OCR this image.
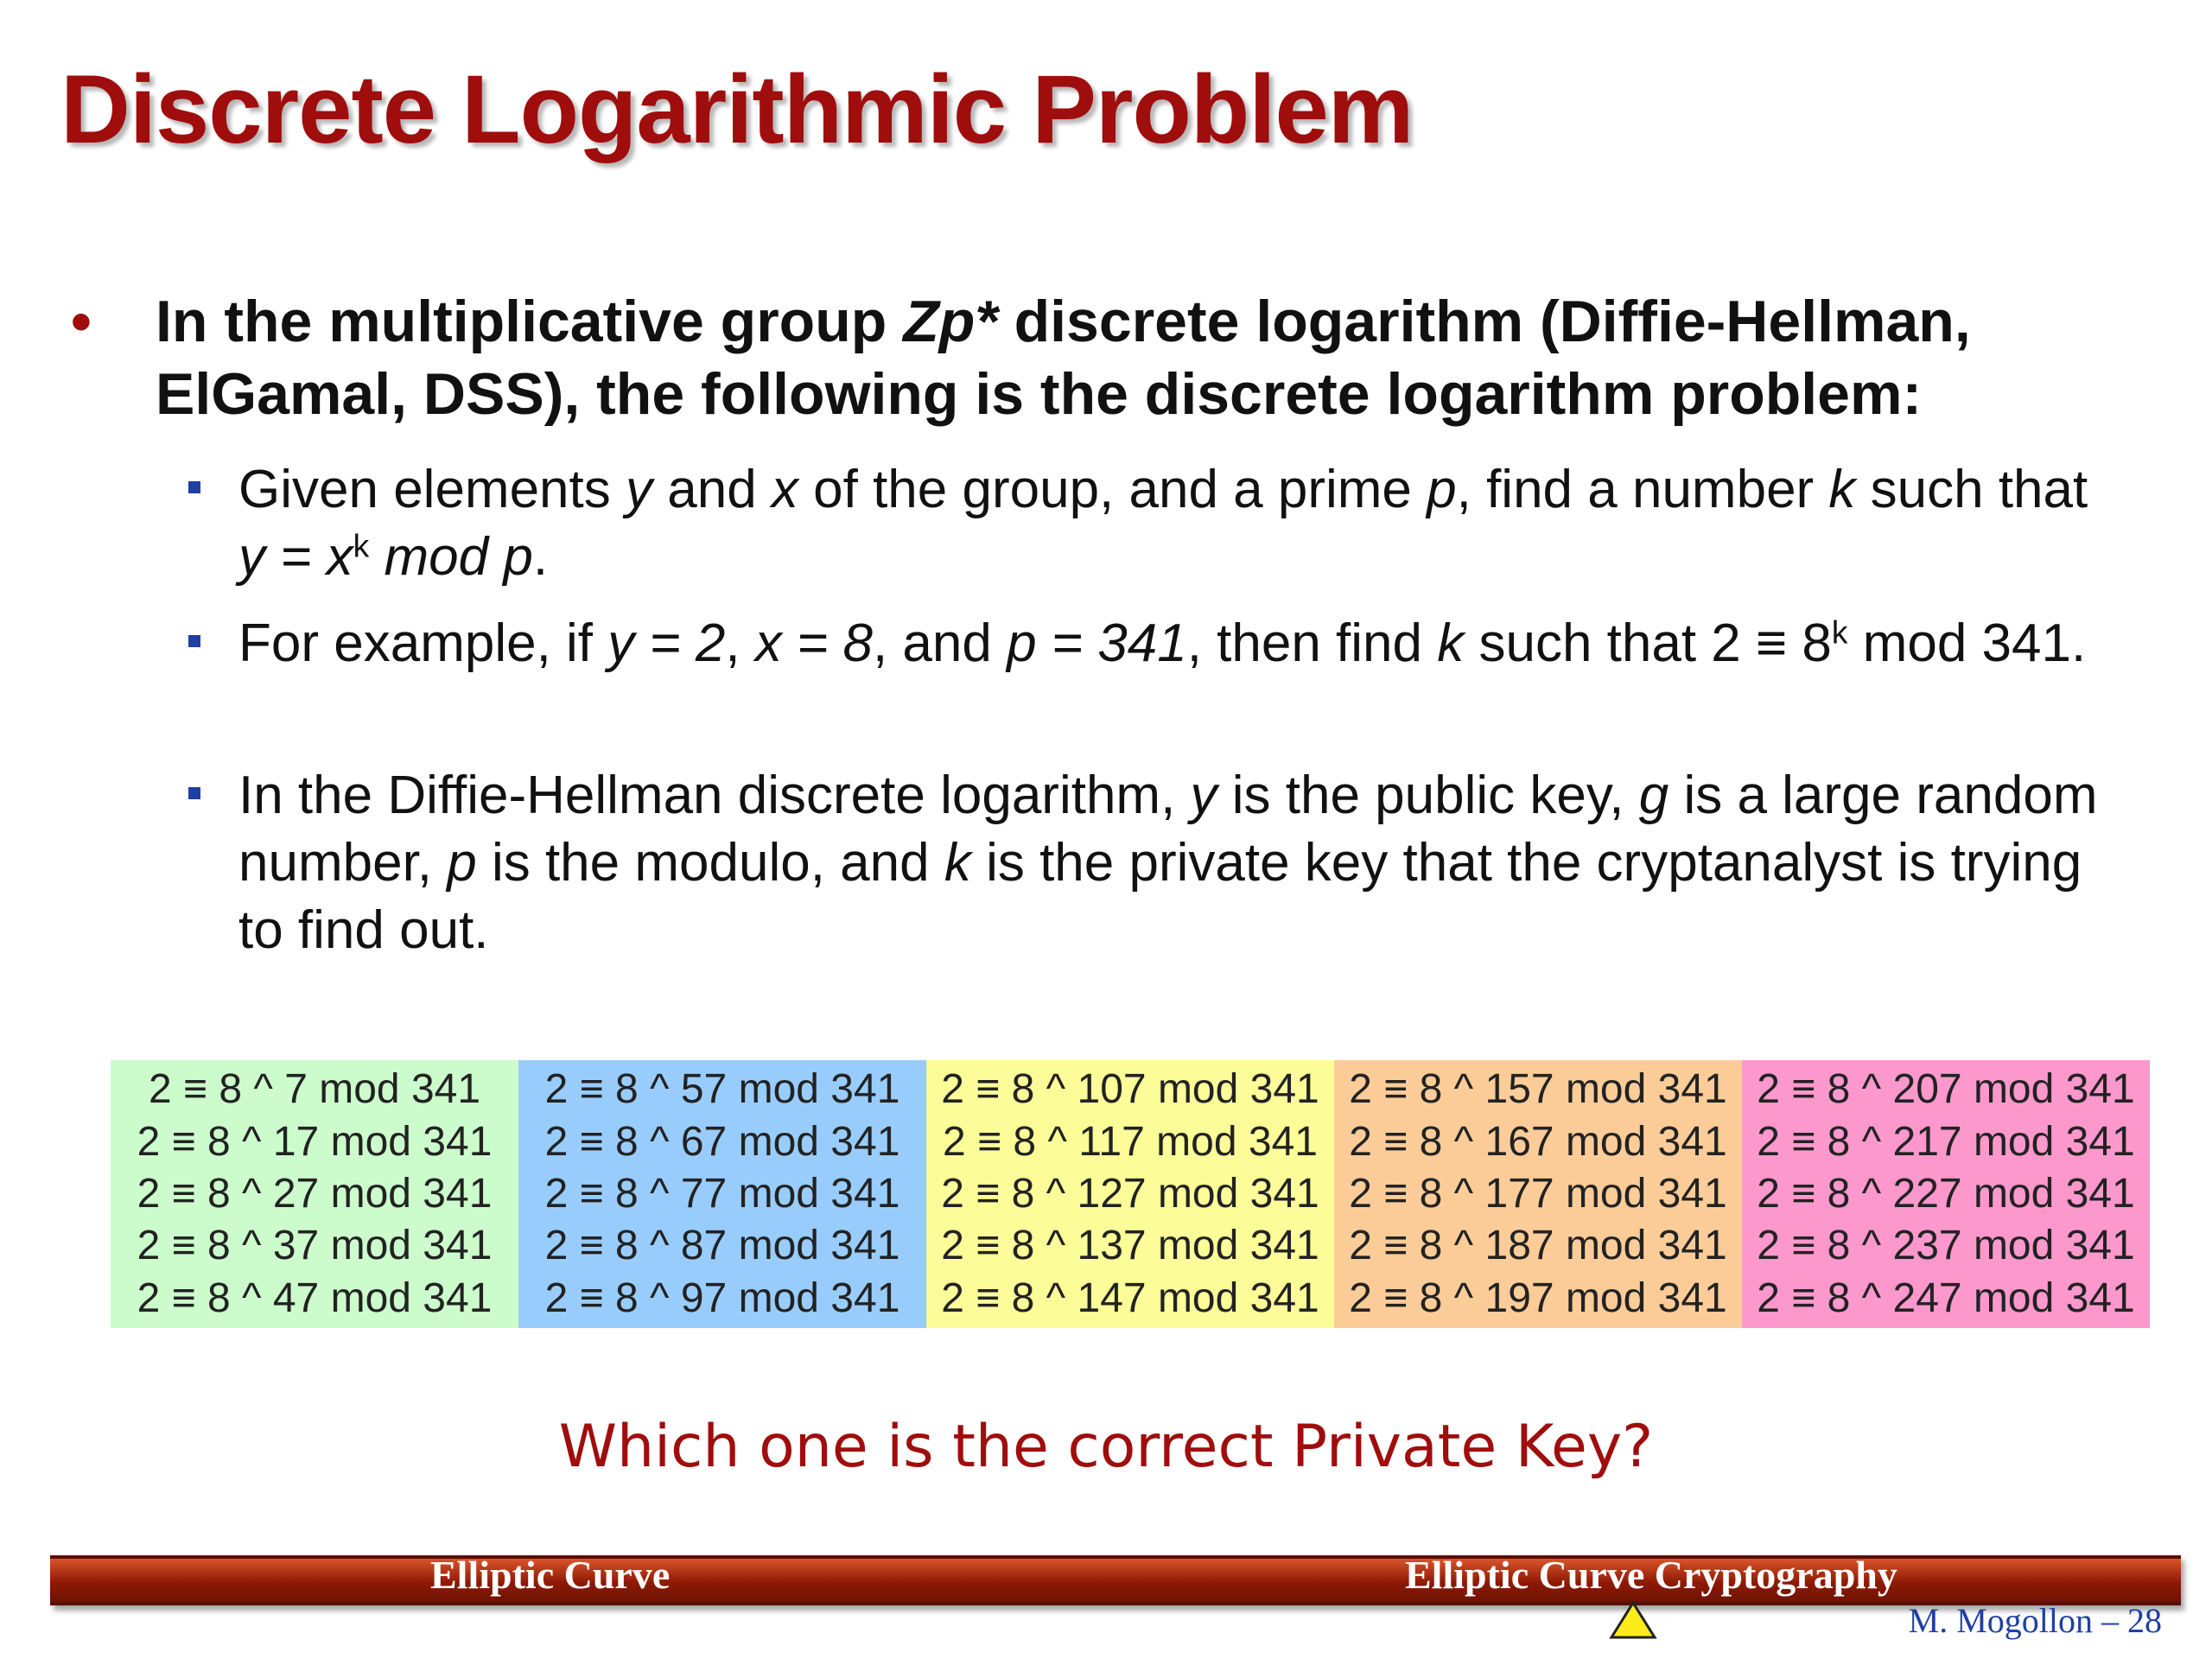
Discrete Logarithmic Problem
• In the multiplicative group Zp* discrete logarithm (Diffie-Hellman, ElGamal, DSS), the following is the discrete logarithm problem:
Given elements y and x of the group, and a prime p, find a number k such that $y = x^k$ mod p.
For example, if y = 2, x = 8, and p = 341, then find k such that $2 \equiv 8^k$ mod 341.
In the Diffie-Hellman discrete logarithm, y is the public key, g is a large random number, p is the modulo, and k is the private key that the cryptanalyst is trying to find out.
2 ≡ 8 ^ 7 mod 341
2 ≡ 8 ^ 17 mod 341
2 ≡ 8 ^ 27 mod 341
2 ≡ 8 ^ 37 mod 341
2 ≡ 8 ^ 47 mod 341
2 ≡ 8 ^ 57 mod 341
2 ≡ 8 ^ 67 mod 341
2 ≡ 8 ^ 77 mod 341
2 ≡ 8 ^ 87 mod 341
2 ≡ 8 ^ 97 mod 341
2 ≡ 8 ^ 107 mod 341
2 ≡ 8 ^ 117 mod 341
2 ≡ 8 ^ 127 mod 341
2 ≡ 8 ^ 137 mod 341
2 ≡ 8 ^ 147 mod 341
2 ≡ 8 ^ 157 mod 341
2 ≡ 8 ^ 167 mod 341
2 ≡ 8 ^ 177 mod 341
2 ≡ 8 ^ 187 mod 341
2 ≡ 8 ^ 197 mod 341
2 ≡ 8 ^ 207 mod 341
2 ≡ 8 ^ 217 mod 341
2 ≡ 8 ^ 227 mod 341
2 ≡ 8 ^ 237 mod 341
2 ≡ 8 ^ 247 mod 341
Which one is the correct Private Key?
Elliptic Curve	Elliptic Curve Cryptography
M. Mogollon – 28
